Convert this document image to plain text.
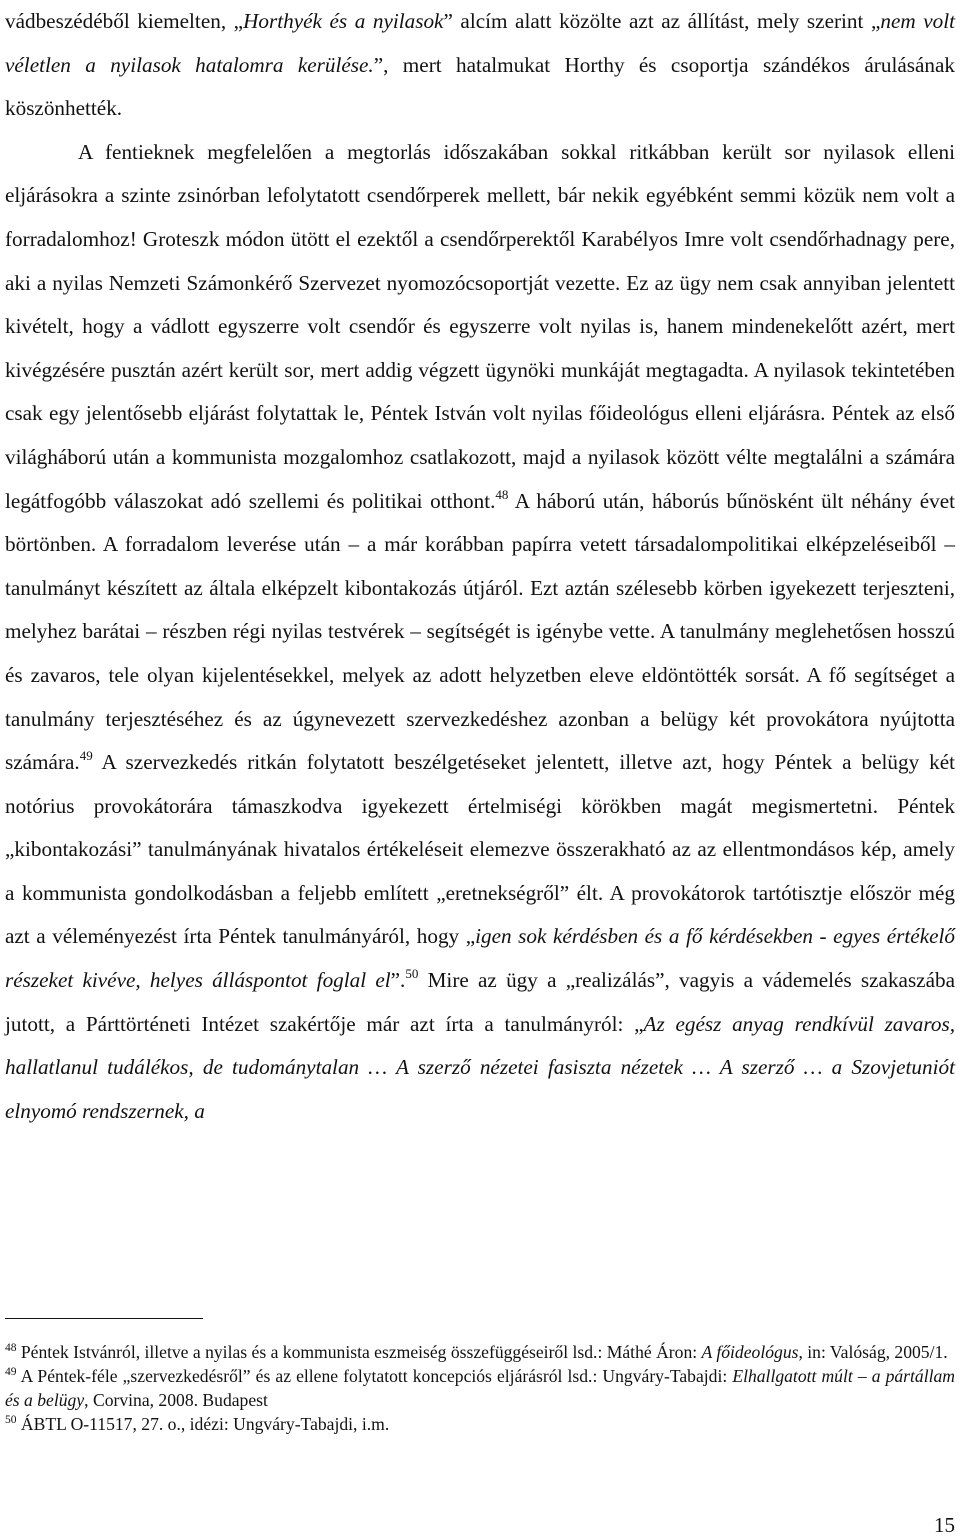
vádbeszédéből kiemelten, „Horthyék és a nyilasok” alcím alatt közölte azt az állítást, mely szerint „nem volt véletlen a nyilasok hatalomra kerülése.”, mert hatalmukat Horthy és csoportja szándékos árulásának köszönhették.

A fentieknek megfelelően a megtorlás időszakában sokkal ritkábban került sor nyilasok elleni eljárásokra a szinte zsinórban lefolytatott csendőrperek mellett, bár nekik egyébként semmi közük nem volt a forradalomhoz! Groteszk módon ütött el ezektől a csendőrperektől Karabélyos Imre volt csendőrhadnagy pere, aki a nyilas Nemzeti Számonkérő Szervezet nyomozócsoportját vezette. Ez az ügy nem csak annyiban jelentett kivételt, hogy a vádlott egyszerre volt csendőr és egyszerre volt nyilas is, hanem mindenekelőtt azért, mert kivégzésére pusztán azért került sor, mert addig végzett ügynöki munkáját megtagadta. A nyilasok tekintetében csak egy jelentősebb eljárást folytattak le, Péntek István volt nyilas főideológus elleni eljárásra. Péntek az első világháború után a kommunista mozgalomhoz csatlakozott, majd a nyilasok között vélte megtalálni a számára legátfogóbb válaszokat adó szellemi és politikai otthont.$^{48}$ A háború után, háborús bűnösként ült néhány évet börtönben. A forradalom leverése után – a már korábban papírra vetett társadalompolitikai elképzeléseiből – tanulmányt készített az általa elképzelt kibontakozás útjáról. Ezt aztán szélesebb körben igyekezett terjeszteni, melyhez barátai – részben régi nyilas testvérek – segítségét is igénybe vette. A tanulmány meglehetősen hosszú és zavaros, tele olyan kijelentésekkel, melyek az adott helyzetben eleve eldöntötték sorsát. A fő segítséget a tanulmány terjesztéséhez és az úgynevezett szervezkedéshez azonban a belügy két provokátora nyújtotta számára.$^{49}$ A szervezkedés ritkán folytatott beszélgetéseket jelentett, illetve azt, hogy Péntek a belügy két notórius provokátorára támaszkodva igyekezett értelmiségi körökben magát megismertetni. Péntek „kibontakozási” tanulmányának hivatalos értékeléseit elemezve összerakható az az ellentmondásos kép, amely a kommunista gondolkodásban a feljebb említett „eretnekségről” élt. A provokátorok tartótisztje először még azt a véleményezést írta Péntek tanulmányáról, hogy „igen sok kérdésben és a fő kérdésekben - egyes értékelő részeket kivéve, helyes álláspontot foglal el”.$^{50}$ Mire az ügy a „realizálás”, vagyis a vádemelés szakaszába jutott, a Párttörténeti Intézet szakértője már azt írta a tanulmányról: „Az egész anyag rendkívül zavaros, hallatlanul tudálékos, de tudománytalan … A szerző nézetei fasiszta nézetek … A szerző … a Szovjetuniót elnyomó rendszernek, a

$^{48}$ Péntek Istvánról, illetve a nyilas és a kommunista eszmeiség összefüggéseiről lsd.: Máthé Áron: A főideológus, in: Valóság, 2005/1.

$^{49}$ A Péntek-féle „szervezkedésről” és az ellene folytatott koncepciós eljárásról lsd.: Ungváry-Tabajdi: Elhallgatott múlt – a pártállam és a belügy, Corvina, 2008. Budapest

$^{50}$ ÁBTL O-11517, 27. o., idézi: Ungváry-Tabajdi, i.m.

15
